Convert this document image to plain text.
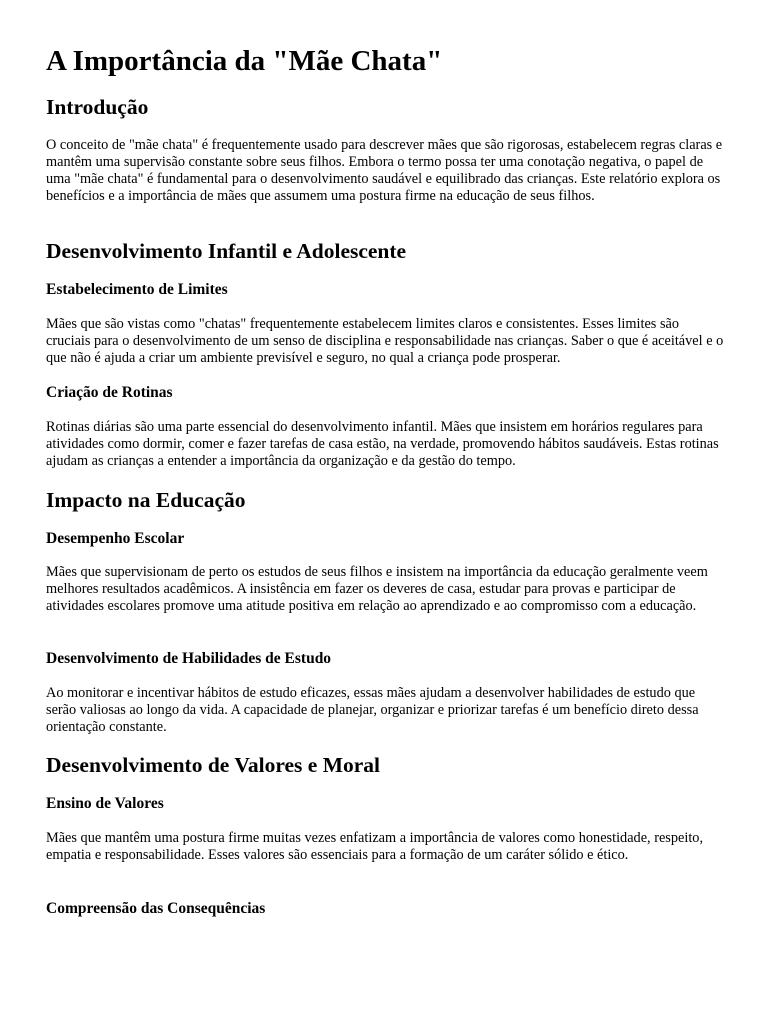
A Importância da "Mãe Chata"
Introdução

O conceito de "mãe chata" é frequentemente usado para descrever mães que são rigorosas, estabelecem regras claras e mantêm uma supervisão constante sobre seus filhos. Embora o termo possa ter uma conotação negativa, o papel de uma "mãe chata" é fundamental para o desenvolvimento saudável e equilibrado das crianças. Este relatório explora os benefícios e a importância de mães que assumem uma postura firme na educação de seus filhos.

Desenvolvimento Infantil e Adolescente
Estabelecimento de Limites

Mães que são vistas como "chatas" frequentemente estabelecem limites claros e consistentes. Esses limites são cruciais para o desenvolvimento de um senso de disciplina e responsabilidade nas crianças. Saber o que é aceitável e o que não é ajuda a criar um ambiente previsível e seguro, no qual a criança pode prosperar.

Criação de Rotinas

Rotinas diárias são uma parte essencial do desenvolvimento infantil. Mães que insistem em horários regulares para atividades como dormir, comer e fazer tarefas de casa estão, na verdade, promovendo hábitos saudáveis. Estas rotinas ajudam as crianças a entender a importância da organização e da gestão do tempo.

Impacto na Educação
Desempenho Escolar

Mães que supervisionam de perto os estudos de seus filhos e insistem na importância da educação geralmente veem melhores resultados acadêmicos. A insistência em fazer os deveres de casa, estudar para provas e participar de atividades escolares promove uma atitude positiva em relação ao aprendizado e ao compromisso com a educação.

Desenvolvimento de Habilidades de Estudo

Ao monitorar e incentivar hábitos de estudo eficazes, essas mães ajudam a desenvolver habilidades de estudo que serão valiosas ao longo da vida. A capacidade de planejar, organizar e priorizar tarefas é um benefício direto dessa orientação constante.

Desenvolvimento de Valores e Moral
Ensino de Valores

Mães que mantêm uma postura firme muitas vezes enfatizam a importância de valores como honestidade, respeito, empatia e responsabilidade. Esses valores são essenciais para a formação de um caráter sólido e ético.

Compreensão das Consequências
